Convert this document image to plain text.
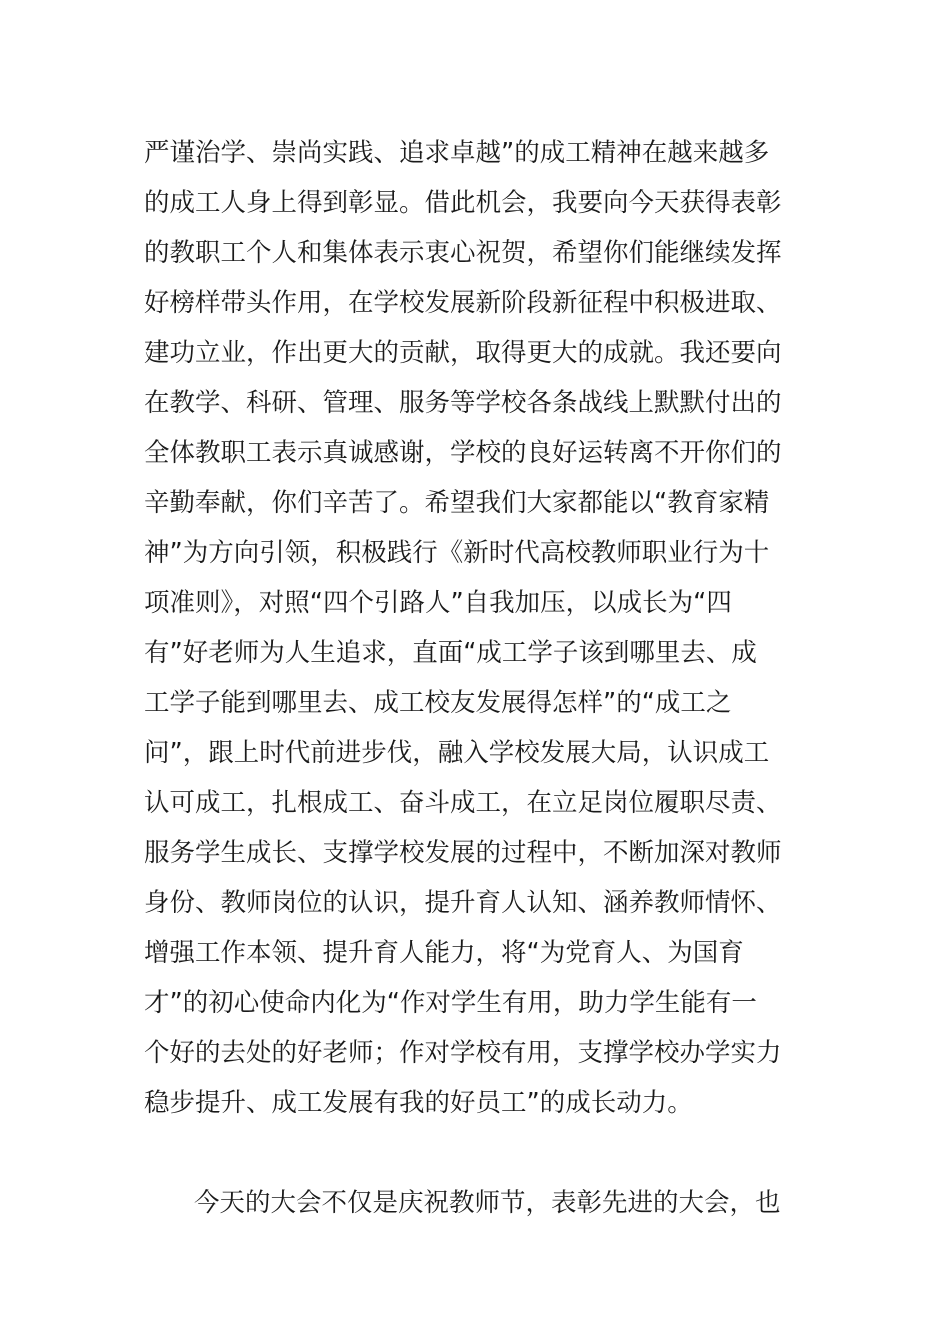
严谨治学、崇尚实践、追求卓越”的成工精神在越来越多
的成工人身上得到彰显。借此机会，我要向今天获得表彰
的教职工个人和集体表示衷心祝贺，希望你们能继续发挥
好榜样带头作用，在学校发展新阶段新征程中积极进取、
建功立业，作出更大的贡献，取得更大的成就。我还要向
在教学、科研、管理、服务等学校各条战线上默默付出的
全体教职工表示真诚感谢，学校的良好运转离不开你们的
辛勤奉献，你们辛苦了。希望我们大家都能以“教育家精
神”为方向引领，积极践行《新时代高校教师职业行为十
项准则》，对照“四个引路人”自我加压，以成长为“四
有”好老师为人生追求，直面“成工学子该到哪里去、成
工学子能到哪里去、成工校友发展得怎样”的“成工之
问”，跟上时代前进步伐，融入学校发展大局，认识成工
认可成工，扎根成工、奋斗成工，在立足岗位履职尽责、
服务学生成长、支撑学校发展的过程中，不断加深对教师
身份、教师岗位的认识，提升育人认知、涵养教师情怀、
增强工作本领、提升育人能力，将“为党育人、为国育
才”的初心使命内化为“作对学生有用，助力学生能有一
个好的去处的好老师；作对学校有用，支撑学校办学实力
稳步提升、成工发展有我的好员工”的成长动力。
今天的大会不仅是庆祝教师节，表彰先进的大会，也
